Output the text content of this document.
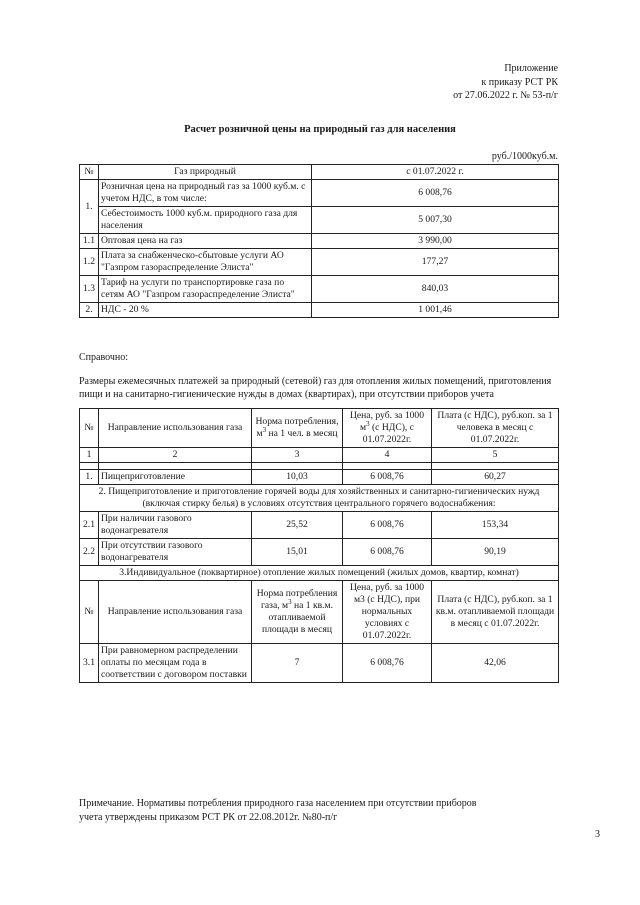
Приложение
к приказу РСТ РК
от 27.06.2022 г. № 53-п/г
Расчет розничной цены на природный газ для населения
руб./1000куб.м.
№	Газ природный	с 01.07.2022 г.
1.	Розничная цена на природный газ за 1000 куб.м. с учетом НДС, в том числе:	6 008,76
	Себестоимость 1000 куб.м. природного газа для населения	5 007,30
1.1	Оптовая цена на газ	3 990,00
1.2	Плата за снабженческо-сбытовые услуги АО "Газпром газораспределение Элиста"	177,27
1.3	Тариф на услуги по транспортировке газа по сетям АО "Газпром газораспределение Элиста"	840,03
2.	НДС - 20 %	1 001,46

Справочно:

Размеры ежемесячных платежей за природный (сетевой) газ для отопления жилых помещений, приготовления пищи и на санитарно-гигиенические нужды в домах (квартирах), при отсутствии приборов учета

№	Направление использования газа	Норма потребления, $м^3$ на 1 чел. в месяц	Цена, руб. за 1000 $м^3$ (с НДС), с 01.07.2022г.	Плата (с НДС), руб.коп. за 1 человека в месяц с 01.07.2022г.
1	2	3	4	5

1.	Пищеприготовление	10,03	6 008,76	60,27
2. Пищеприготовление и приготовление горячей воды для хозяйственных и санитарно-гигиенических нужд (включая стирку белья) в условиях отсутствия центрального горячего водоснабжения:				
2.1	При наличии газового водонагревателя	25,52	6 008,76	153,34
2.2	При отсутствии газового водонагревателя	15,01	6 008,76	90,19
3.Индивидуальное (поквартирное) отопление жилых помещений (жилых домов, квартир, комнат)				
№	Направление использования газа	Норма потребления газа, $м^3$ на 1 кв.м. отапливаемой площади в месяц	Цена, руб. за 1000 м3 (с НДС), при нормальных условиях с 01.07.2022г.	Плата (с НДС), руб.коп. за 1 кв.м. отапливаемой площади в месяц с 01.07.2022г.
3.1	При равномерном распределении оплаты по месяцам года в соответствии с договором поставки	7	6 008,76	42,06

Примечание. Нормативы потребления природного газа населением при отсутствии приборов

учета утверждены приказом РСТ РК от 22.08.2012г. №80-п/г

3
